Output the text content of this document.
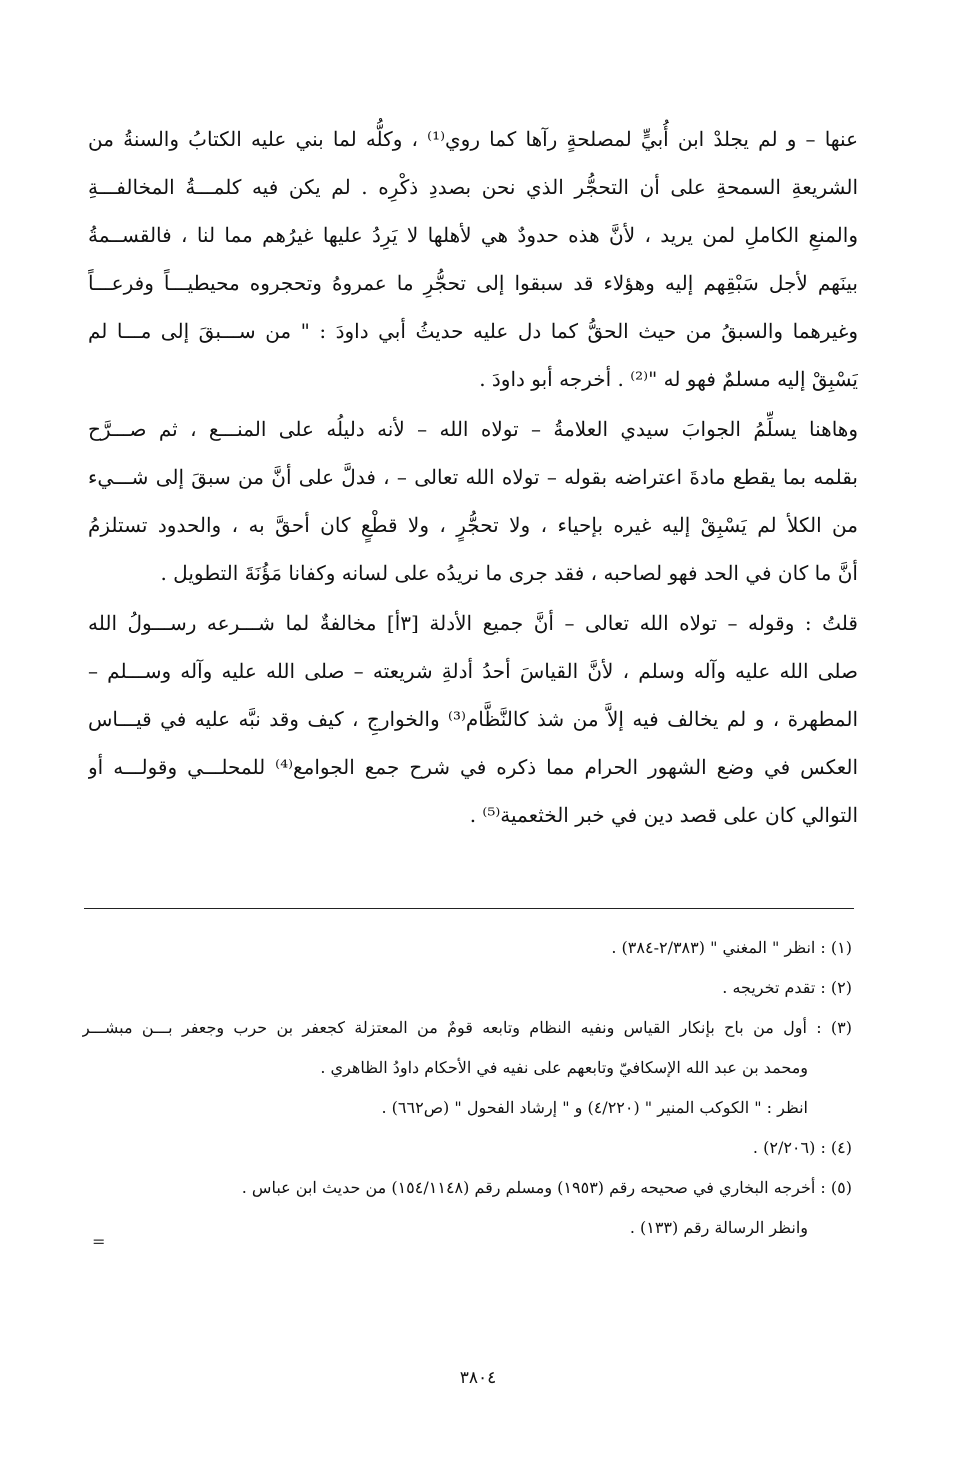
عنها – و لم يجلدْ ابن أُبيٍّ لمصلحةٍ رآها كما روي⁽¹⁾ ، وكلُّه لما بني عليه الكتابُ والسنةُ من
الشريعةِ السمحةِ على أن التحجُّر الذي نحن بصددِ ذكْرِه . لم يكن فيه كلمـــةُ المخالفـــةِ
والمنعِ الكاملِ لمن يريد ، لأنَّ هذه حدودٌ هي لأهلها لا يَرِدُ عليها غيرُهم مما لنا ، فالقســمةُ
بينَهم لأجل سَبْقِهم إليه وهؤلاء قد سبقوا إلى تحجُّرِ ما عمروهُ وتحجروه محيطيـــاً وفرعـــاً
وغيرهما والسبقُ من حيث الحقُّ كما دل عليه حديثُ أبي داودَ : " من ســـبقَ إلى مـــا لم
يَسْبِقْ إليه مسلمٌ فهو له "⁽²⁾ . أخرجه أبو داودَ .
وهاهنا يسلِّمُ الجوابَ سيدي العلامةُ – تولاه الله – لأنه دليلُه على المنـــع ، ثم صـــرَّح
بقلمه بما يقطع مادةَ اعتراضه بقوله – تولاه الله تعالى – ، فدلَّ على أنَّ من سبقَ إلى شـــيء
من الكلأ لم يَسْبِقْ إليه غيره بإحياء ، ولا تحجُّرٍ ، ولا قطْعٍ كان أحقَّ به ، والحدود تستلزمُ
أنَّ ما كان في الحد فهو لصاحبه ، فقد جرى ما نريدُه على لسانه وكفانا مَؤُنَةَ التطويل .
قلتُ : وقوله – تولاه الله تعالى – أنَّ جميع الأدلة [٣أ] مخالفةٌ لما شـــرعه رســـولُ الله
صلى الله عليه وآله وسلم ، لأنَّ القياسَ أحدُ أدلةِ شريعته – صلى الله عليه وآله وســـلم –
المطهرة ، و لم يخالف فيه إلاَّ من شذ كالنَّظَّام⁽³⁾ والخوارجِ ، كيف وقد نبَّه عليه في قيـــاس
العكس في وضع الشهور الحرام مما ذكره في شرح جمع الجوامع⁽⁴⁾ للمحلـــي وقولـــه أو
التوالي كان على قصد دين في خبر الخثعمية⁽⁵⁾ .
(١) : انظر " المغني " (٢/٣٨٣-٣٨٤) .
(٢) : تقدم تخريجه .
(٣) : أول من باح بإنكار القياس ونفيه النظام وتابعه قومٌ من المعتزلة كجعفر بن حرب وجعفر بـــن مبشـــر
ومحمد بن عبد الله الإسكافيّ وتابعهم على نفيه في الأحكام داودُ الظاهري .
انظر : " الكوكب المنير " (٤/٢٢٠) و " إرشاد الفحول " (ص٦٦٢) .
(٤) : (٢/٢٠٦) .
(٥) : أخرجه البخاري في صحيحه رقم (١٩٥٣) ومسلم رقم (١٥٤/١١٤٨) من حديث ابن عباس .
وانظر الرسالة رقم (١٣٣) .
=
٣٨٠٤
